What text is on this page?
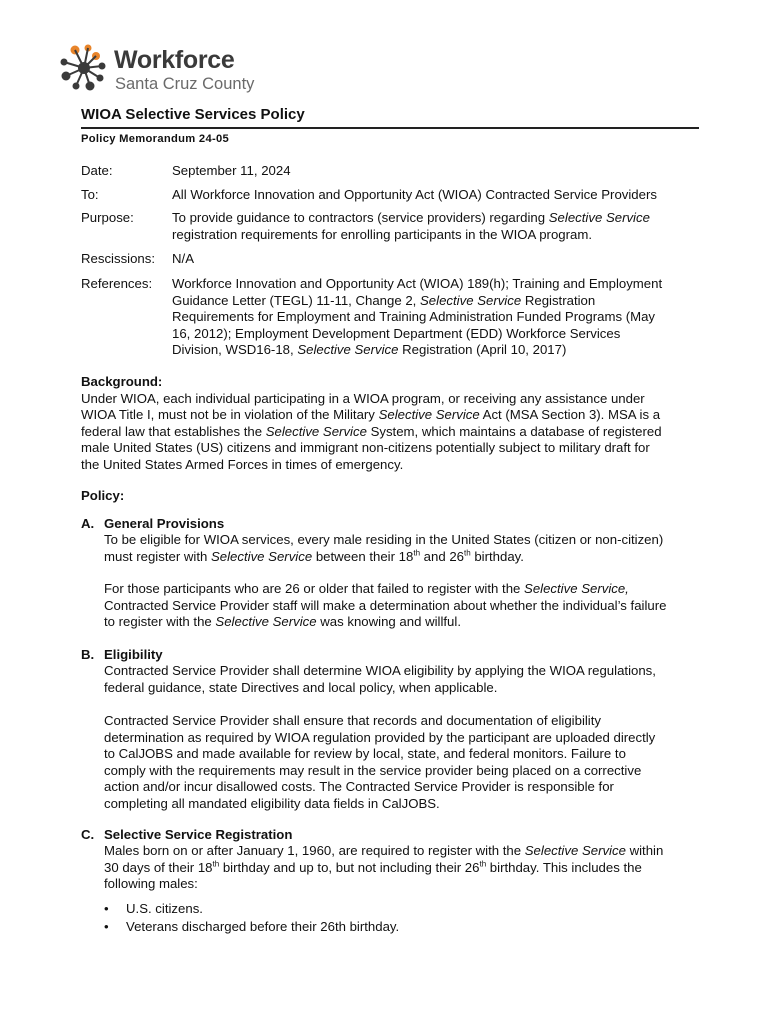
Workforce
Santa Cruz County
WIOA Selective Services Policy
Policy Memorandum 24-05
Date:	September 11, 2024
To:	All Workforce Innovation and Opportunity Act (WIOA) Contracted Service Providers
Purpose:	To provide guidance to contractors (service providers) regarding Selective Service
registration requirements for enrolling participants in the WIOA program.
Rescissions:	N/A
References:	Workforce Innovation and Opportunity Act (WIOA) 189(h); Training and Employment
Guidance Letter (TEGL) 11-11, Change 2, Selective Service Registration
Requirements for Employment and Training Administration Funded Programs (May
16, 2012); Employment Development Department (EDD) Workforce Services
Division, WSD16-18, Selective Service Registration (April 10, 2017)
Background:
Under WIOA, each individual participating in a WIOA program, or receiving any assistance under
WIOA Title I, must not be in violation of the Military Selective Service Act (MSA Section 3). MSA is a
federal law that establishes the Selective Service System, which maintains a database of registered
male United States (US) citizens and immigrant non-citizens potentially subject to military draft for
the United States Armed Forces in times of emergency.
Policy:
A. General Provisions
To be eligible for WIOA services, every male residing in the United States (citizen or non-citizen)
must register with Selective Service between their 18th and 26th birthday.
For those participants who are 26 or older that failed to register with the Selective Service,
Contracted Service Provider staff will make a determination about whether the individual’s failure
to register with the Selective Service was knowing and willful.
B. Eligibility
Contracted Service Provider shall determine WIOA eligibility by applying the WIOA regulations,
federal guidance, state Directives and local policy, when applicable.
Contracted Service Provider shall ensure that records and documentation of eligibility
determination as required by WIOA regulation provided by the participant are uploaded directly
to CalJOBS and made available for review by local, state, and federal monitors. Failure to
comply with the requirements may result in the service provider being placed on a corrective
action and/or incur disallowed costs. The Contracted Service Provider is responsible for
completing all mandated eligibility data fields in CalJOBS.
C. Selective Service Registration
Males born on or after January 1, 1960, are required to register with the Selective Service within
30 days of their 18th birthday and up to, but not including their 26th birthday. This includes the
following males:
• U.S. citizens.
• Veterans discharged before their 26th birthday.
